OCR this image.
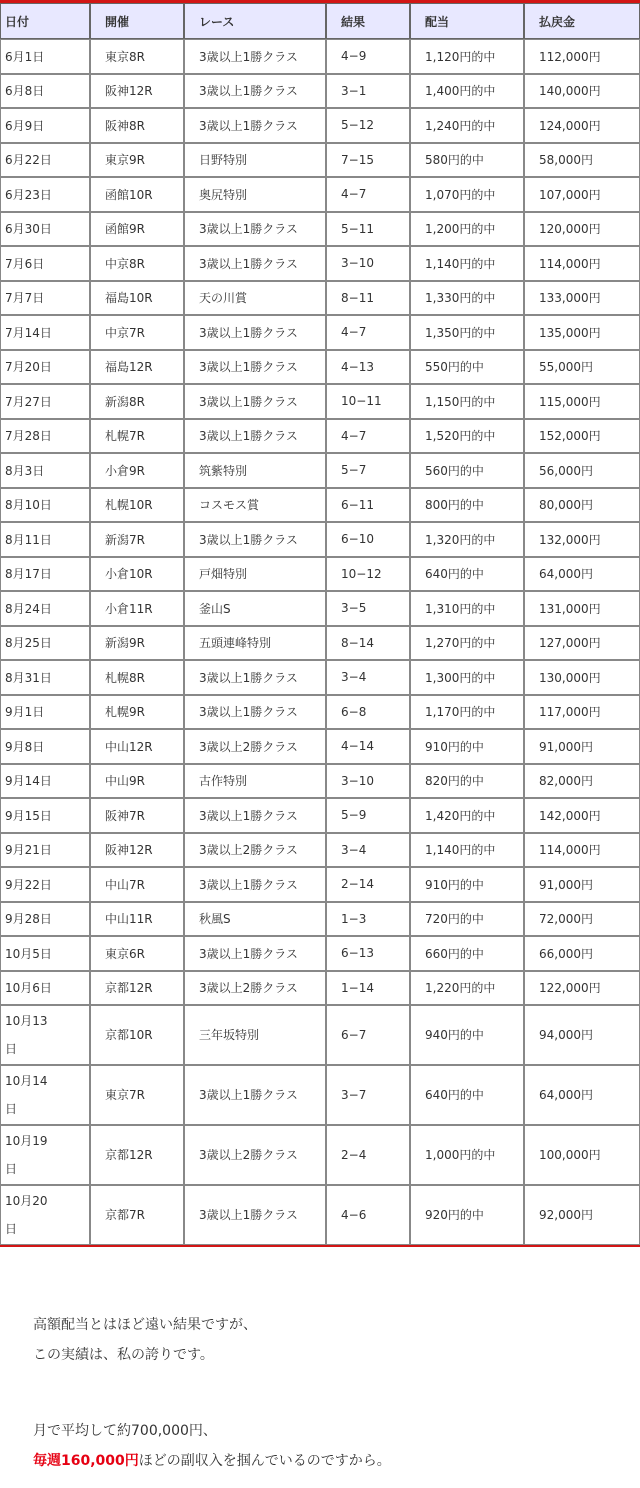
日付	開催	レース	結果	配当	払戻金
6月1日	東京8R	3歳以上1勝クラス	4−9	1,120円的中	112,000円
6月8日	阪神12R	3歳以上1勝クラス	3−1	1,400円的中	140,000円
6月9日	阪神8R	3歳以上1勝クラス	5−12	1,240円的中	124,000円
6月22日	東京9R	日野特別	7−15	580円的中	58,000円
6月23日	函館10R	奥尻特別	4−7	1,070円的中	107,000円
6月30日	函館9R	3歳以上1勝クラス	5−11	1,200円的中	120,000円
7月6日	中京8R	3歳以上1勝クラス	3−10	1,140円的中	114,000円
7月7日	福島10R	天の川賞	8−11	1,330円的中	133,000円
7月14日	中京7R	3歳以上1勝クラス	4−7	1,350円的中	135,000円
7月20日	福島12R	3歳以上1勝クラス	4−13	550円的中	55,000円
7月27日	新潟8R	3歳以上1勝クラス	10−11	1,150円的中	115,000円
7月28日	札幌7R	3歳以上1勝クラス	4−7	1,520円的中	152,000円
8月3日	小倉9R	筑紫特別	5−7	560円的中	56,000円
8月10日	札幌10R	コスモス賞	6−11	800円的中	80,000円
8月11日	新潟7R	3歳以上1勝クラス	6−10	1,320円的中	132,000円
8月17日	小倉10R	戸畑特別	10−12	640円的中	64,000円
8月24日	小倉11R	釜山S	3−5	1,310円的中	131,000円
8月25日	新潟9R	五頭連峰特別	8−14	1,270円的中	127,000円
8月31日	札幌8R	3歳以上1勝クラス	3−4	1,300円的中	130,000円
9月1日	札幌9R	3歳以上1勝クラス	6−8	1,170円的中	117,000円
9月8日	中山12R	3歳以上2勝クラス	4−14	910円的中	91,000円
9月14日	中山9R	古作特別	3−10	820円的中	82,000円
9月15日	阪神7R	3歳以上1勝クラス	5−9	1,420円的中	142,000円
9月21日	阪神12R	3歳以上2勝クラス	3−4	1,140円的中	114,000円
9月22日	中山7R	3歳以上1勝クラス	2−14	910円的中	91,000円
9月28日	中山11R	秋風S	1−3	720円的中	72,000円
10月5日	東京6R	3歳以上1勝クラス	6−13	660円的中	66,000円
10月6日	京都12R	3歳以上2勝クラス	1−14	1,220円的中	122,000円
10月13日	京都10R	三年坂特別	6−7	940円的中	94,000円
10月14日	東京7R	3歳以上1勝クラス	3−7	640円的中	64,000円
10月19日	京都12R	3歳以上2勝クラス	2−4	1,000円的中	100,000円
10月20日	京都7R	3歳以上1勝クラス	4−6	920円的中	92,000円

高額配当とはほど遠い結果ですが、

この実績は、私の誇りです。

月で平均して約700,000円、

毎週160,000円ほどの副収入を掴んでいるのですから。
